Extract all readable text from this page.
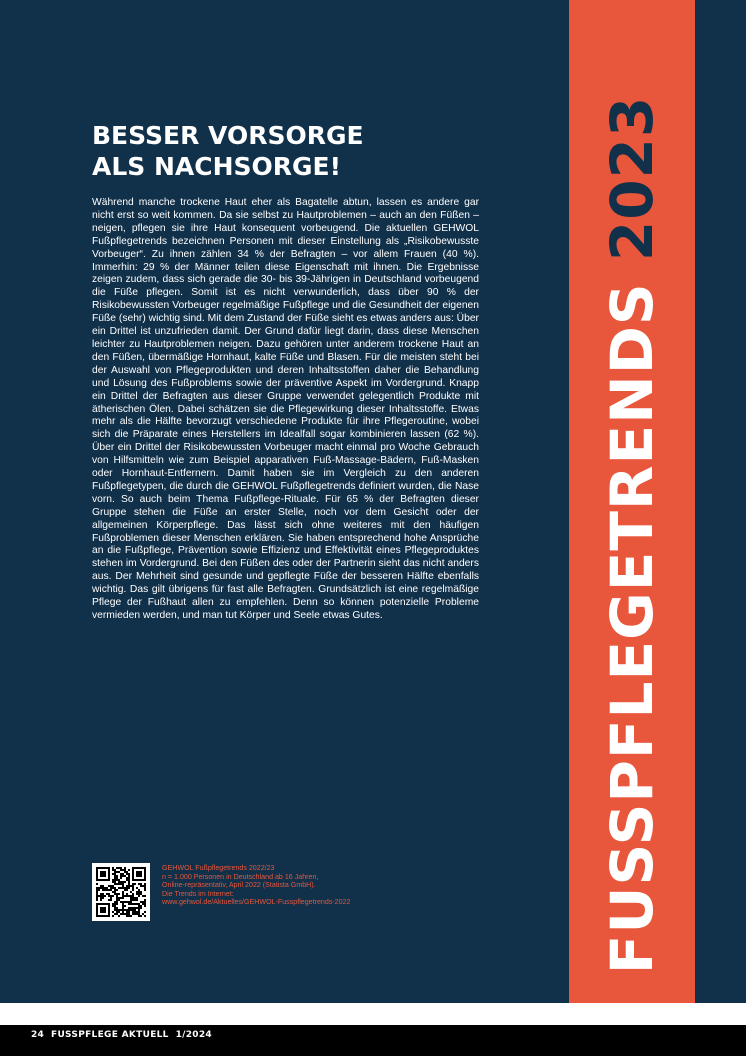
FUSSPFLEGETRENDS 2023
BESSER VORSORGE
ALS NACHSORGE!

Während manche trockene Haut eher als Bagatelle abtun, lassen es andere gar nicht erst so weit kommen. Da sie selbst zu Hautproblemen – auch an den Füßen – neigen, pflegen sie ihre Haut konsequent vorbeugend. Die aktuellen GEHWOL Fußpflegetrends bezeichnen Personen mit dieser Einstellung als „Risikobewusste Vorbeuger“. Zu ihnen zählen 34 % der Befragten – vor allem Frauen (40 %). Immerhin: 29 % der Männer teilen diese Eigenschaft mit ihnen. Die Ergebnisse zeigen zudem, dass sich gerade die 30- bis 39-Jährigen in Deutschland vorbeugend die Füße pflegen. Somit ist es nicht verwunderlich, dass über 90 % der Risikobewussten Vorbeuger regelmäßige Fußpflege und die Gesundheit der eigenen Füße (sehr) wichtig sind. Mit dem Zustand der Füße sieht es etwas anders aus: Über ein Drittel ist unzufrieden damit. Der Grund dafür liegt darin, dass diese Menschen leichter zu Hautproblemen neigen. Dazu gehören unter anderem trockene Haut an den Füßen, übermäßige Hornhaut, kalte Füße und Blasen. Für die meisten steht bei der Auswahl von Pflegeprodukten und deren Inhaltsstoffen daher die Behandlung und Lösung des Fußproblems sowie der präventive Aspekt im Vordergrund. Knapp ein Drittel der Befragten aus dieser Gruppe verwendet gelegentlich Produkte mit ätherischen Ölen. Dabei schätzen sie die Pflegewirkung dieser Inhaltsstoffe. Etwas mehr als die Hälfte bevorzugt verschiedene Produkte für ihre Pflegeroutine, wobei sich die Präparate eines Herstellers im Idealfall sogar kombinieren lassen (62 %). Über ein Drittel der Risikobewussten Vorbeuger macht einmal pro Woche Gebrauch von Hilfsmitteln wie zum Beispiel apparativen Fuß-Massage-Bädern, Fuß-Masken oder Hornhaut-Entfernern. Damit haben sie im Vergleich zu den anderen Fußpflegetypen, die durch die GEHWOL Fußpflegetrends definiert wurden, die Nase vorn. So auch beim Thema Fußpflege-Rituale. Für 65 % der Befragten dieser Gruppe stehen die Füße an erster Stelle, noch vor dem Gesicht oder der allgemeinen Körperpflege. Das lässt sich ohne weiteres mit den häufigen Fußproblemen dieser Menschen erklären. Sie haben entsprechend hohe Ansprüche an die Fußpflege, Prävention sowie Effizienz und Effektivität eines Pflegeproduktes stehen im Vordergrund. Bei den Füßen des oder der Partnerin sieht das nicht anders aus. Der Mehrheit sind gesunde und gepflegte Füße der besseren Hälfte ebenfalls wichtig. Das gilt übrigens für fast alle Befragten. Grundsätzlich ist eine regelmäßige Pflege der Fußhaut allen zu empfehlen. Denn so können potenzielle Probleme vermieden werden, und man tut Körper und Seele etwas Gutes.

GEHWOL Fußpflegetrends 2022/23
n = 1.000 Personen in Deutschland ab 16 Jahren,
Online-repräsentativ, April 2022 (Statista GmbH).
Die Trends im Internet:
www.gehwol.de/Aktuelles/GEHWOL-Fusspflegetrends-2022
24 FUSSPFLEGE AKTUELL 1/2024
